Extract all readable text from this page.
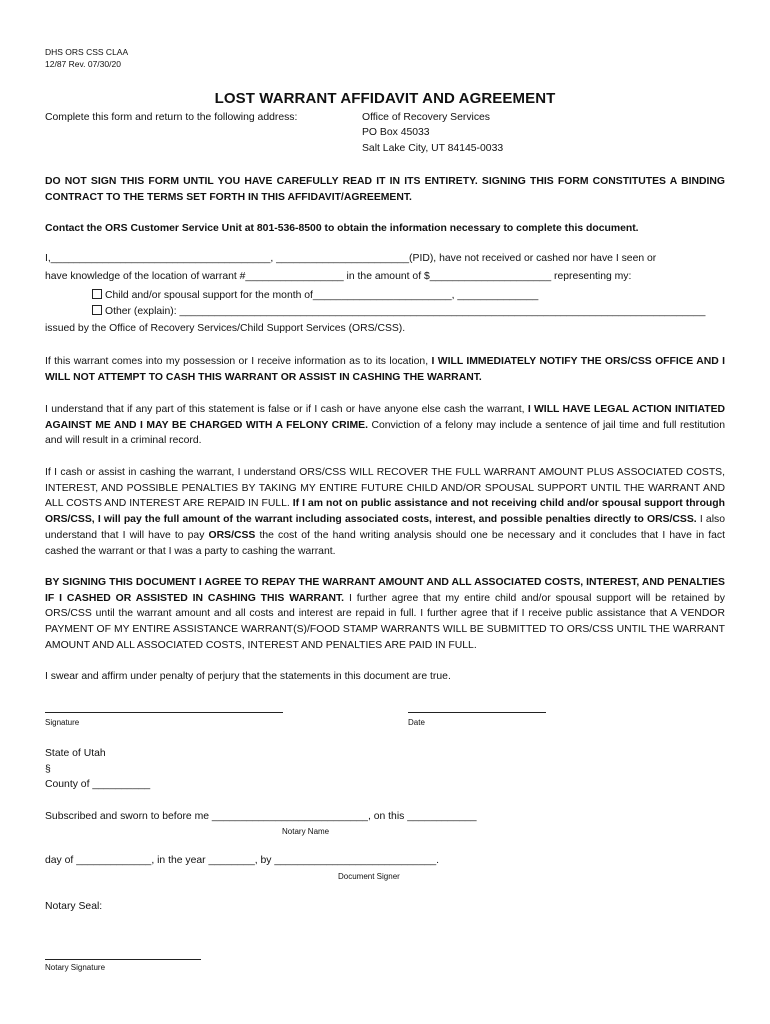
DHS ORS CSS CLAA
12/87 Rev. 07/30/20
LOST WARRANT AFFIDAVIT AND AGREEMENT
Complete this form and return to the following address:	Office of Recovery Services
PO Box 45033
Salt Lake City, UT 84145-0033
DO NOT SIGN THIS FORM UNTIL YOU HAVE CAREFULLY READ IT IN ITS ENTIRETY. SIGNING THIS FORM CONSTITUTES A BINDING CONTRACT TO THE TERMS SET FORTH IN THIS AFFIDAVIT/AGREEMENT.
Contact the ORS Customer Service Unit at 801-536-8500 to obtain the information necessary to complete this document.
I,______________________________________, _______________________(PID), have not received or cashed nor have I seen or
have knowledge of the location of warrant #_________________ in the amount of $_____________________ representing my:
Child and/or spousal support for the month of________________________, ______________
Other (explain): ___________________________________________________________________________________________
issued by the Office of Recovery Services/Child Support Services (ORS/CSS).
If this warrant comes into my possession or I receive information as to its location, I WILL IMMEDIATELY NOTIFY THE ORS/CSS OFFICE AND I WILL NOT ATTEMPT TO CASH THIS WARRANT OR ASSIST IN CASHING THE WARRANT.
I understand that if any part of this statement is false or if I cash or have anyone else cash the warrant, I WILL HAVE LEGAL ACTION INITIATED AGAINST ME AND I MAY BE CHARGED WITH A FELONY CRIME. Conviction of a felony may include a sentence of jail time and full restitution and will result in a criminal record.
If I cash or assist in cashing the warrant, I understand ORS/CSS WILL RECOVER THE FULL WARRANT AMOUNT PLUS ASSOCIATED COSTS, INTEREST, AND POSSIBLE PENALTIES BY TAKING MY ENTIRE FUTURE CHILD AND/OR SPOUSAL SUPPORT UNTIL THE WARRANT AND ALL COSTS AND INTEREST ARE REPAID IN FULL. If I am not on public assistance and not receiving child and/or spousal support through ORS/CSS, I will pay the full amount of the warrant including associated costs, interest, and possible penalties directly to ORS/CSS. I also understand that I will have to pay ORS/CSS the cost of the hand writing analysis should one be necessary and it concludes that I have in fact cashed the warrant or that I was a party to cashing the warrant.
BY SIGNING THIS DOCUMENT I AGREE TO REPAY THE WARRANT AMOUNT AND ALL ASSOCIATED COSTS, INTEREST, AND PENALTIES IF I CASHED OR ASSISTED IN CASHING THIS WARRANT. I further agree that my entire child and/or spousal support will be retained by ORS/CSS until the warrant amount and all costs and interest are repaid in full. I further agree that if I receive public assistance that A VENDOR PAYMENT OF MY ENTIRE ASSISTANCE WARRANT(S)/FOOD STAMP WARRANTS WILL BE SUBMITTED TO ORS/CSS UNTIL THE WARRANT AMOUNT AND ALL ASSOCIATED COSTS, INTEREST AND PENALTIES ARE PAID IN FULL.
I swear and affirm under penalty of perjury that the statements in this document are true.
Signature	Date
State of Utah
§
County of __________
Subscribed and sworn to before me ___________________________, on this ____________
Notary Name
day of _____________, in the year ________, by ____________________________.
Document Signer
Notary Seal:
Notary Signature
